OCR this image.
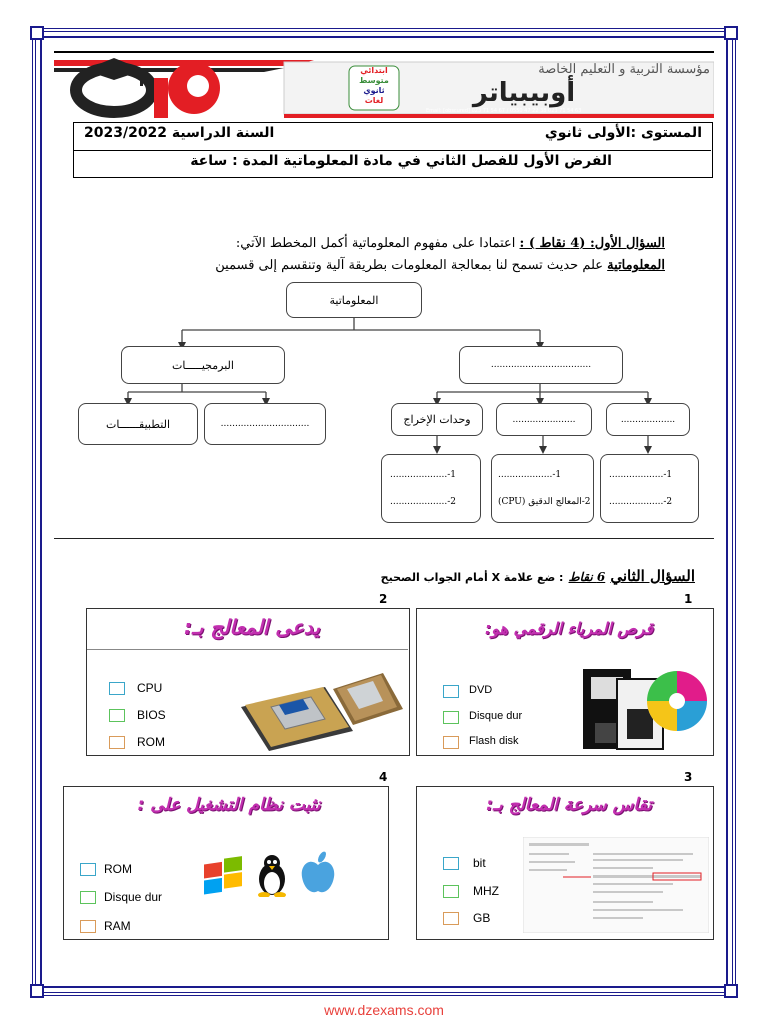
مؤسسة التربية و التعليم الخاصة
أوبيبياتر
ابتدائي
متوسط
ثانوي
لغات
Email: [obscured] 023 71 54 67 / 0550 47 22 38 023 71 54 63
المستوى :الأولى ثانوي
السنة الدراسية 2023/2022
الفرض الأول للفصل الثاني في مادة المعلوماتية المدة : ساعة
السؤال الأول: (4 نقاط ) : اعتمادا على مفهوم المعلوماتية أكمل المخطط الآتي:
المعلوماتية علم حديث تسمح لنا بمعالجة المعلومات بطريقة آلية وتنقسم إلى قسمين
المعلوماتية
البرمجيـــــات	...................................
التطبيقــــــات	...............................	وحدات الإخراج	......................	...................
1-....................
2-....................
1-...................
2-المعالج الدقيق (CPU)
1-...................
2-...................
السؤال الثاني 6 نقاط : ضع علامة X أمام الجواب الصحيح
1
2
3
4
يدعى المعالج بـ:
CPU
BIOS
ROM
قرص المرياء الرقمي هو:
DVD
Disque dur
Flash disk
نثبت نظام التشغيل على :
ROM
Disque dur
RAM
تقاس سرعة المعالج بـ:
bit
MHZ
GB
www.dzexams.com
